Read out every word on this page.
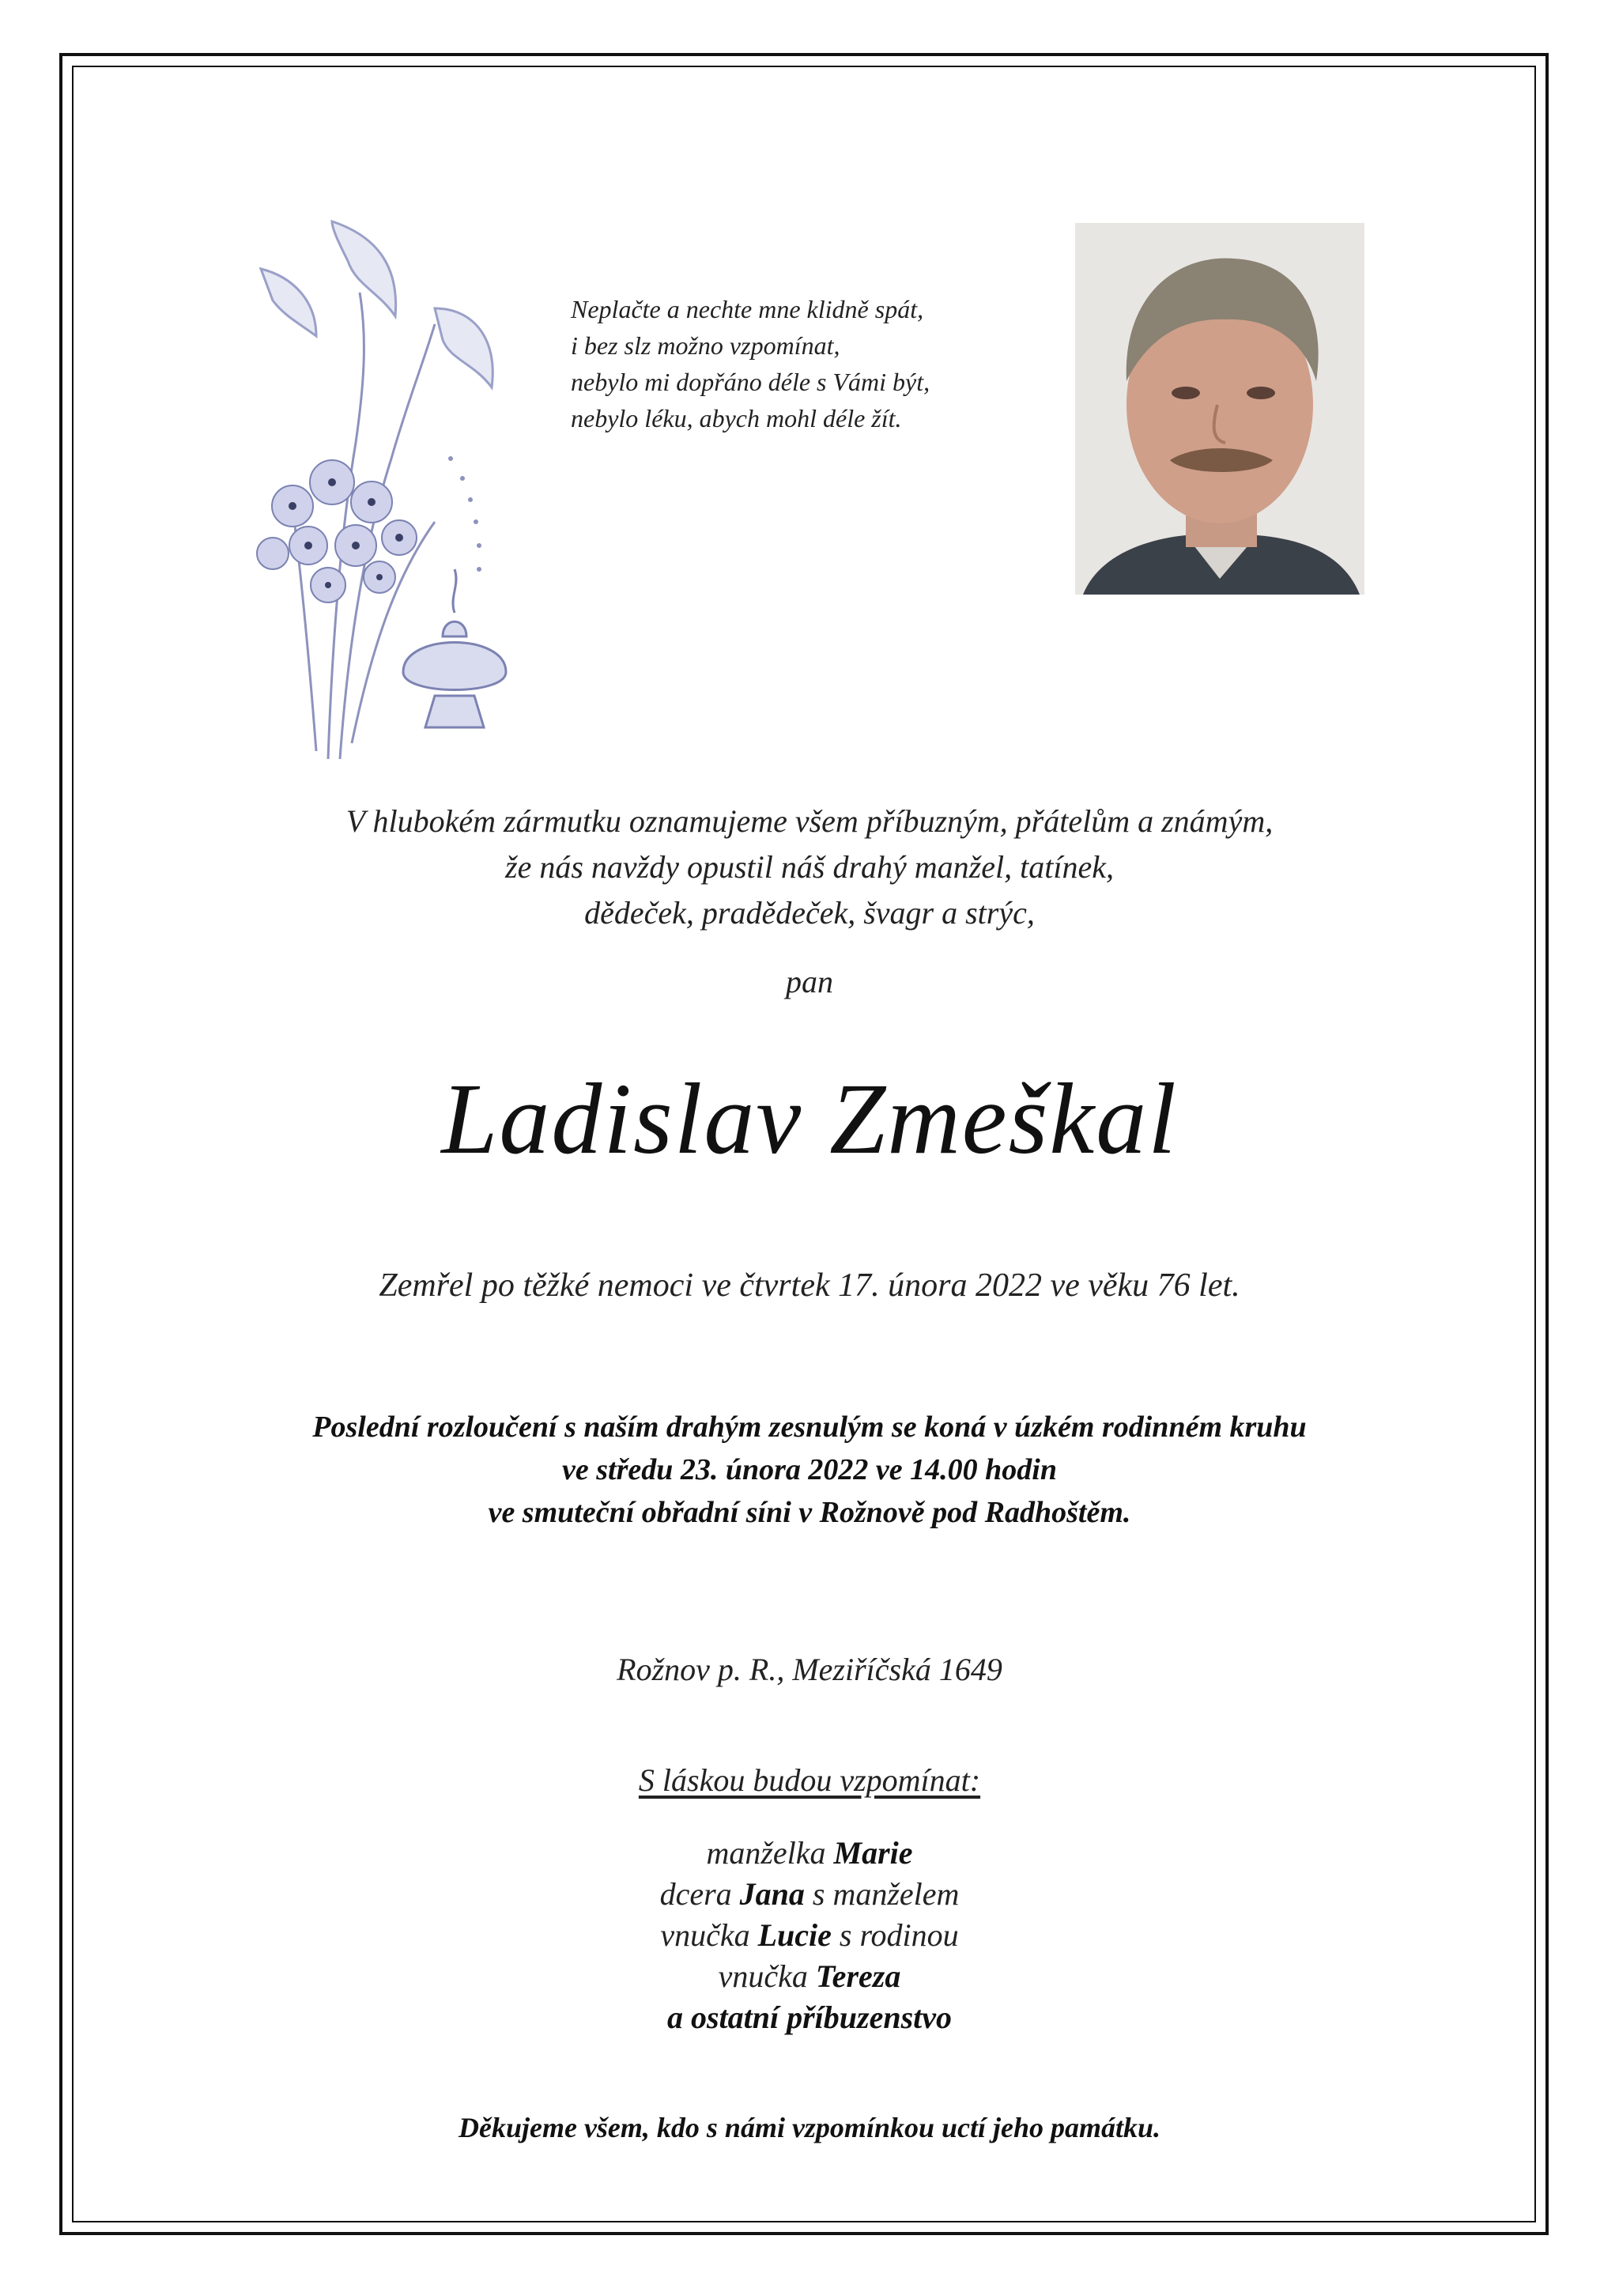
Neplačte a nechte mne klidně spát,
i bez slz možno vzpomínat,
nebylo mi dopřáno déle s Vámi být,
nebylo léku, abych mohl déle žít.
V hlubokém zármutku oznamujeme všem příbuzným, přátelům a známým,
že nás navždy opustil náš drahý manžel, tatínek,
dědeček, pradědeček, švagr a strýc,
pan
Ladislav Zmeškal
Zemřel po těžké nemoci ve čtvrtek 17. února 2022 ve věku 76 let.
Poslední rozloučení s naším drahým zesnulým se koná v úzkém rodinném kruhu
ve středu 23. února 2022 ve 14.00 hodin
ve smuteční obřadní síni v Rožnově pod Radhoštěm.
Rožnov p. R., Meziříčská 1649
S láskou budou vzpomínat:
manželka Marie
dcera Jana s manželem
vnučka Lucie s rodinou
vnučka Tereza
a ostatní příbuzenstvo
Děkujeme všem, kdo s námi vzpomínkou uctí jeho památku.
